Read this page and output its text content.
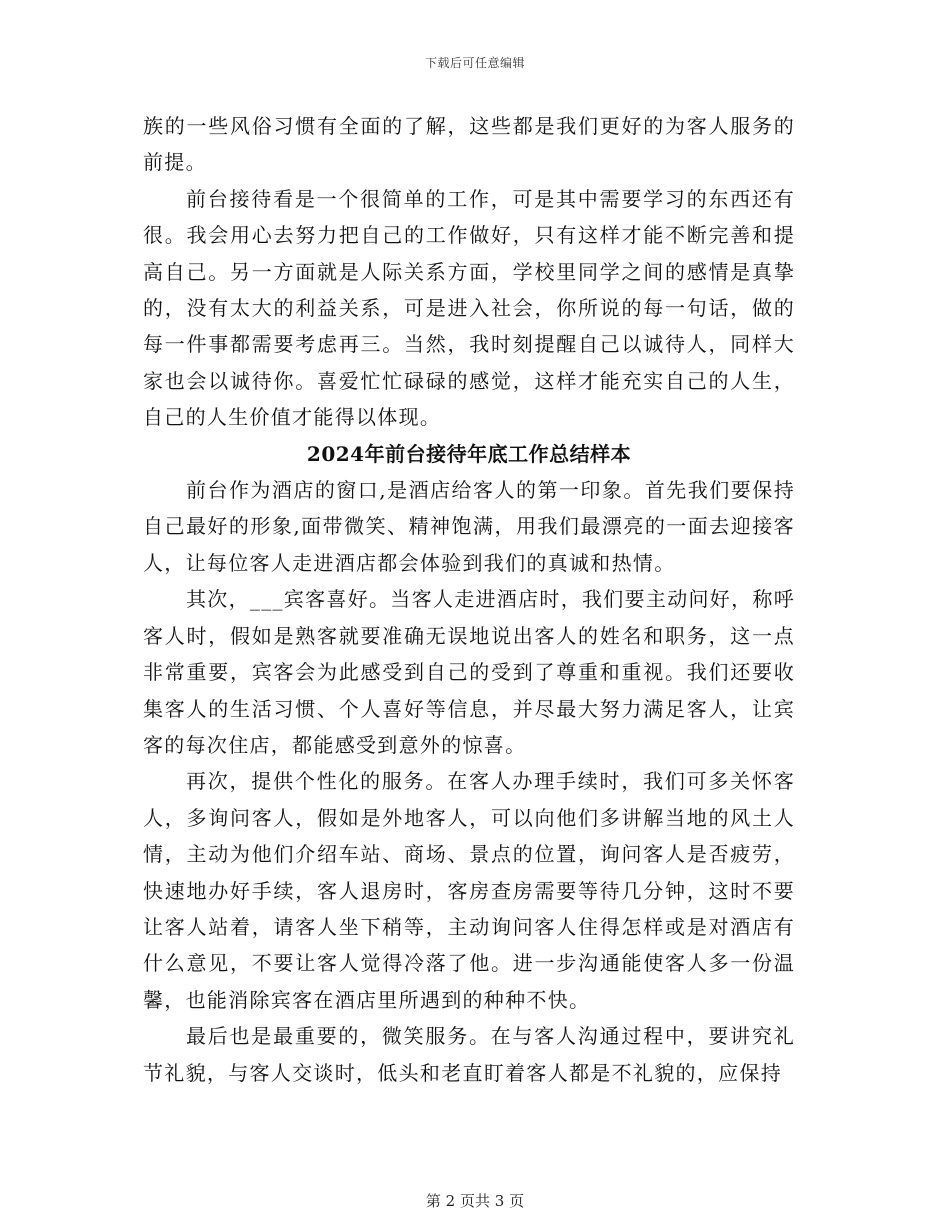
下载后可任意编辑

族的一些风俗习惯有全面的了解，这些都是我们更好的为客人服务的前提。

前台接待看是一个很简单的工作，可是其中需要学习的东西还有很。我会用心去努力把自己的工作做好，只有这样才能不断完善和提高自己。另一方面就是人际关系方面，学校里同学之间的感情是真挚的，没有太大的利益关系，可是进入社会，你所说的每一句话，做的每一件事都需要考虑再三。当然，我时刻提醒自己以诚待人，同样大家也会以诚待你。喜爱忙忙碌碌的感觉，这样才能充实自己的人生，自己的人生价值才能得以体现。

2024年前台接待年底工作总结样本

前台作为酒店的窗口,是酒店给客人的第一印象。首先我们要保持自己最好的形象,面带微笑、精神饱满，用我们最漂亮的一面去迎接客人，让每位客人走进酒店都会体验到我们的真诚和热情。

其次，___宾客喜好。当客人走进酒店时，我们要主动问好，称呼客人时，假如是熟客就要准确无误地说出客人的姓名和职务，这一点非常重要，宾客会为此感受到自己的受到了尊重和重视。我们还要收集客人的生活习惯、个人喜好等信息，并尽最大努力满足客人，让宾客的每次住店，都能感受到意外的惊喜。

再次，提供个性化的服务。在客人办理手续时，我们可多关怀客人，多询问客人，假如是外地客人，可以向他们多讲解当地的风土人情，主动为他们介绍车站、商场、景点的位置，询问客人是否疲劳，快速地办好手续，客人退房时，客房查房需要等待几分钟，这时不要让客人站着，请客人坐下稍等，主动询问客人住得怎样或是对酒店有什么意见，不要让客人觉得冷落了他。进一步沟通能使客人多一份温馨，也能消除宾客在酒店里所遇到的种种不快。

最后也是最重要的，微笑服务。在与客人沟通过程中，要讲究礼节礼貌，与客人交谈时，低头和老直盯着客人都是不礼貌的，应保持

第 2 页共 3 页
